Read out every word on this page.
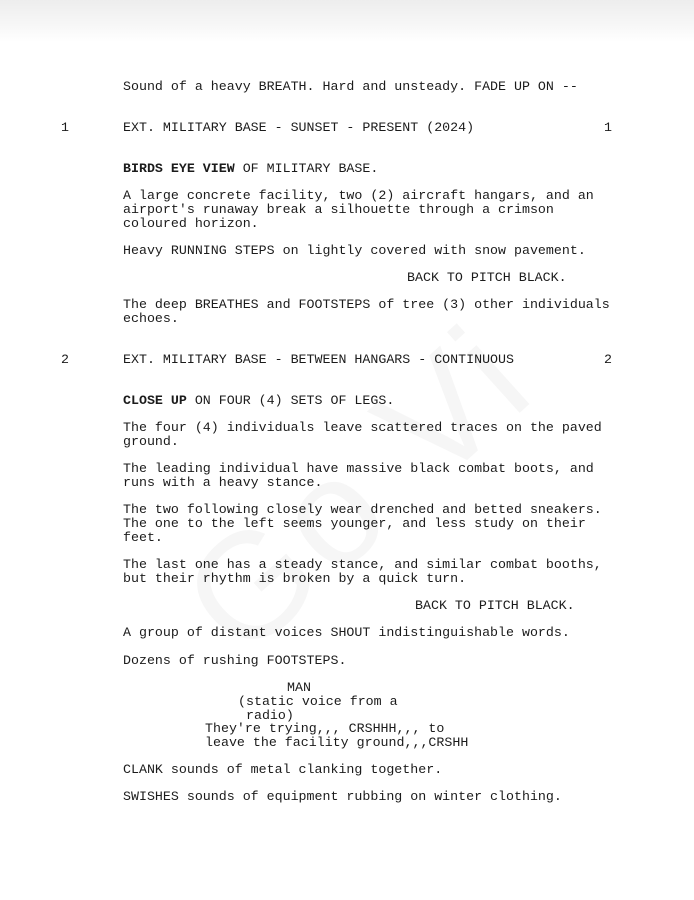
Sound of a heavy BREATH. Hard and unsteady. FADE UP ON --
1	EXT. MILITARY BASE - SUNSET - PRESENT (2024)	1
BIRDS EYE VIEW OF MILITARY BASE.
A large concrete facility, two (2) aircraft hangars, and an
airport's runaway break a silhouette through a crimson
coloured horizon.
Heavy RUNNING STEPS on lightly covered with snow pavement.
BACK TO PITCH BLACK.
The deep BREATHES and FOOTSTEPS of tree (3) other individuals
echoes.
2	EXT. MILITARY BASE - BETWEEN HANGARS - CONTINUOUS	2
CLOSE UP ON FOUR (4) SETS OF LEGS.
The four (4) individuals leave scattered traces on the paved
ground.
The leading individual have massive black combat boots, and
runs with a heavy stance.
The two following closely wear drenched and betted sneakers.
The one to the left seems younger, and less study on their
feet.
The last one has a steady stance, and similar combat booths,
but their rhythm is broken by a quick turn.
BACK TO PITCH BLACK.
A group of distant voices SHOUT indistinguishable words.
Dozens of rushing FOOTSTEPS.
MAN
(static voice from a
radio)
They're trying,,, CRSHHH,,, to
leave the facility ground,,,CRSHH
CLANK sounds of metal clanking together.
SWISHES sounds of equipment rubbing on winter clothing.
